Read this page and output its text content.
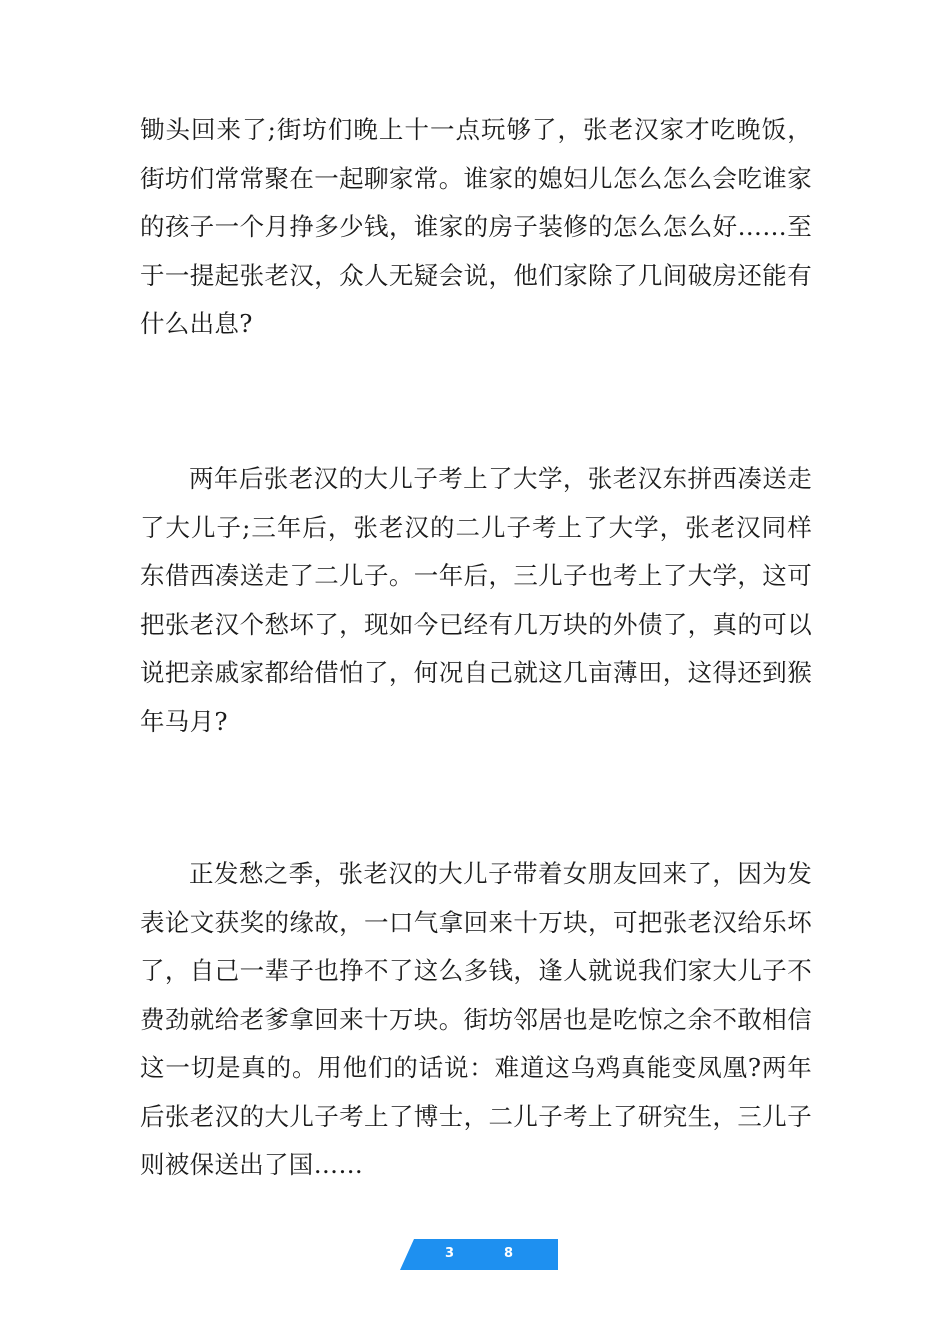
锄头回来了;街坊们晚上十一点玩够了，张老汉家才吃晚饭，街坊们常常聚在一起聊家常。谁家的媳妇儿怎么怎么会吃谁家的孩子一个月挣多少钱，谁家的房子装修的怎么怎么好……至于一提起张老汉，众人无疑会说，他们家除了几间破房还能有什么出息?

两年后张老汉的大儿子考上了大学，张老汉东拼西凑送走了大儿子;三年后，张老汉的二儿子考上了大学，张老汉同样东借西凑送走了二儿子。一年后，三儿子也考上了大学，这可把张老汉个愁坏了，现如今已经有几万块的外债了，真的可以说把亲戚家都给借怕了，何况自己就这几亩薄田，这得还到猴年马月?

正发愁之季，张老汉的大儿子带着女朋友回来了，因为发表论文获奖的缘故，一口气拿回来十万块，可把张老汉给乐坏了，自己一辈子也挣不了这么多钱，逢人就说我们家大儿子不费劲就给老爹拿回来十万块。街坊邻居也是吃惊之余不敢相信这一切是真的。用他们的话说：难道这乌鸡真能变凤凰?两年后张老汉的大儿子考上了博士，二儿子考上了研究生，三儿子则被保送出了国……

3	8
